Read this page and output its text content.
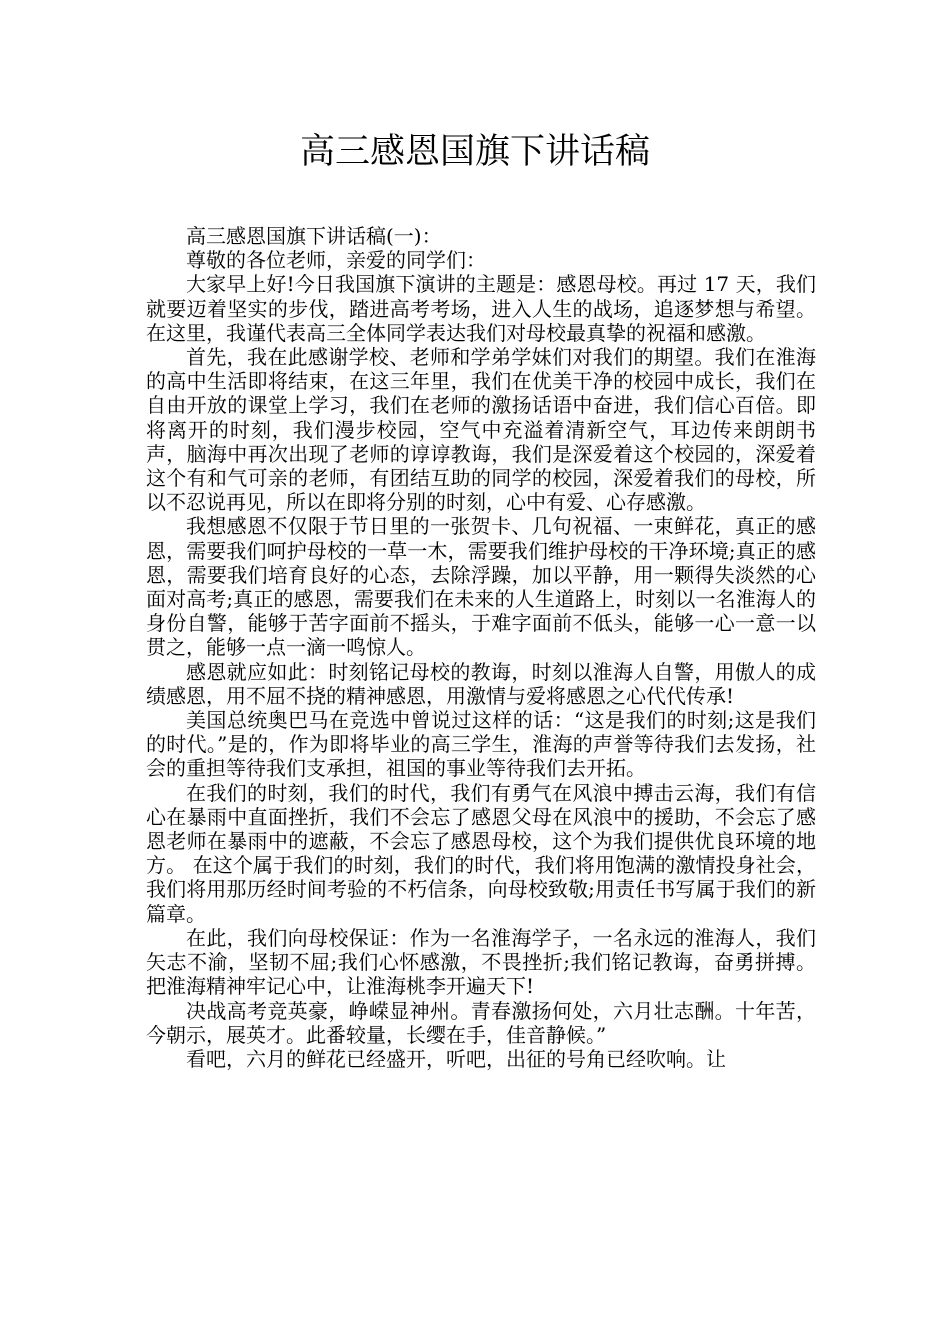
高三感恩国旗下讲话稿

高三感恩国旗下讲话稿(一)：

尊敬的各位老师，亲爱的同学们：

大家早上好!今日我国旗下演讲的主题是：感恩母校。再过 17 天，我们就要迈着坚实的步伐，踏进高考考场，进入人生的战场，追逐梦想与希望。在这里，我谨代表高三全体同学表达我们对母校最真挚的祝福和感激。

首先，我在此感谢学校、老师和学弟学妹们对我们的期望。我们在淮海的高中生活即将结束，在这三年里，我们在优美干净的校园中成长，我们在自由开放的课堂上学习，我们在老师的激扬话语中奋进，我们信心百倍。即将离开的时刻，我们漫步校园，空气中充溢着清新空气，耳边传来朗朗书声，脑海中再次出现了老师的谆谆教诲，我们是深爱着这个校园的，深爱着这个有和气可亲的老师，有团结互助的同学的校园，深爱着我们的母校，所以不忍说再见，所以在即将分别的时刻，心中有爱、心存感激。

我想感恩不仅限于节日里的一张贺卡、几句祝福、一束鲜花，真正的感恩，需要我们呵护母校的一草一木，需要我们维护母校的干净环境;真正的感恩，需要我们培育良好的心态，去除浮躁，加以平静，用一颗得失淡然的心面对高考;真正的感恩，需要我们在未来的人生道路上，时刻以一名淮海人的身份自警，能够于苦字面前不摇头，于难字面前不低头，能够一心一意一以贯之，能够一点一滴一鸣惊人。

感恩就应如此：时刻铭记母校的教诲，时刻以淮海人自警，用傲人的成绩感恩，用不屈不挠的精神感恩，用激情与爱将感恩之心代代传承!

美国总统奥巴马在竞选中曾说过这样的话：“这是我们的时刻;这是我们的时代。”是的，作为即将毕业的高三学生，淮海的声誉等待我们去发扬，社会的重担等待我们支承担，祖国的事业等待我们去开拓。

在我们的时刻，我们的时代，我们有勇气在风浪中搏击云海，我们有信心在暴雨中直面挫折，我们不会忘了感恩父母在风浪中的援助，不会忘了感恩老师在暴雨中的遮蔽，不会忘了感恩母校，这个为我们提供优良环境的地方。 在这个属于我们的时刻，我们的时代，我们将用饱满的激情投身社会，我们将用那历经时间考验的不朽信条，向母校致敬;用责任书写属于我们的新篇章。

在此，我们向母校保证：作为一名淮海学子，一名永远的淮海人，我们矢志不渝，坚韧不屈;我们心怀感激，不畏挫折;我们铭记教诲，奋勇拼搏。把淮海精神牢记心中，让淮海桃李开遍天下!

决战高考竞英豪，峥嵘显神州。青春激扬何处，六月壮志酬。十年苦，今朝示，展英才。此番较量，长缨在手，佳音静候。”

看吧，六月的鲜花已经盛开，听吧，出征的号角已经吹响。让
